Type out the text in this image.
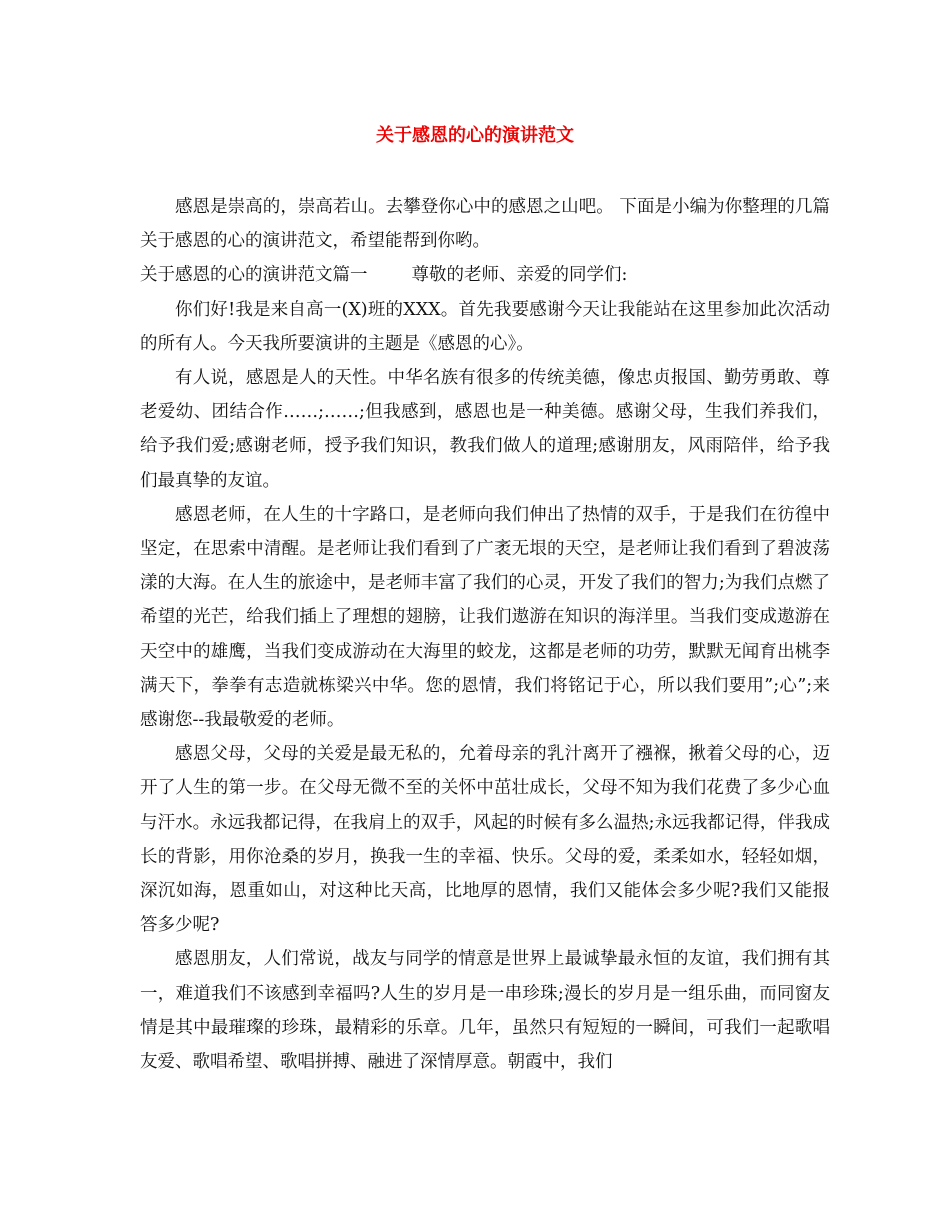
关于感恩的心的演讲范文

感恩是崇高的，崇高若山。去攀登你心中的感恩之山吧。 下面是小编为你整理的几篇关于感恩的心的演讲范文，希望能帮到你哟。

关于感恩的心的演讲范文篇一	尊敬的老师、亲爱的同学们:

你们好!我是来自高一(X)班的XXX。首先我要感谢今天让我能站在这里参加此次活动的所有人。今天我所要演讲的主题是《感恩的心》。

有人说，感恩是人的天性。中华名族有很多的传统美德，像忠贞报国、勤劳勇敢、尊老爱幼、团结合作……;……;但我感到，感恩也是一种美德。感谢父母，生我们养我们，给予我们爱;感谢老师，授予我们知识，教我们做人的道理;感谢朋友，风雨陪伴，给予我们最真挚的友谊。

感恩老师，在人生的十字路口，是老师向我们伸出了热情的双手，于是我们在彷徨中坚定，在思索中清醒。是老师让我们看到了广袤无垠的天空，是老师让我们看到了碧波荡漾的大海。在人生的旅途中，是老师丰富了我们的心灵，开发了我们的智力;为我们点燃了希望的光芒，给我们插上了理想的翅膀，让我们遨游在知识的海洋里。当我们变成遨游在天空中的雄鹰，当我们变成游动在大海里的蛟龙，这都是老师的功劳，默默无闻育出桃李满天下，拳拳有志造就栋梁兴中华。您的恩情，我们将铭记于心，所以我们要用”;心”;来感谢您--我最敬爱的老师。

感恩父母，父母的关爱是最无私的，允着母亲的乳汁离开了襁褓，揪着父母的心，迈开了人生的第一步。在父母无微不至的关怀中茁壮成长，父母不知为我们花费了多少心血与汗水。永远我都记得，在我肩上的双手，风起的时候有多么温热;永远我都记得，伴我成长的背影，用你沧桑的岁月，换我一生的幸福、快乐。父母的爱，柔柔如水，轻轻如烟，深沉如海，恩重如山，对这种比天高，比地厚的恩情，我们又能体会多少呢?我们又能报答多少呢?

感恩朋友，人们常说，战友与同学的情意是世界上最诚挚最永恒的友谊，我们拥有其一，难道我们不该感到幸福吗?人生的岁月是一串珍珠;漫长的岁月是一组乐曲，而同窗友情是其中最璀璨的珍珠，最精彩的乐章。几年，虽然只有短短的一瞬间，可我们一起歌唱友爱、歌唱希望、歌唱拼搏、融进了深情厚意。朝霞中，我们
